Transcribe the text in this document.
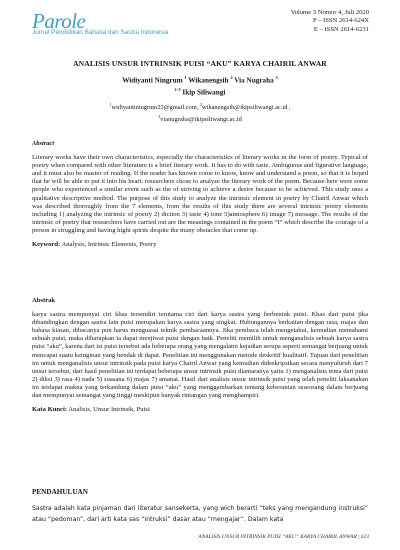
Parole
Jurnal Pendidikan Bahasa dan Sastra Indonesia
Volume 3 Nomor 4, Juli 2020
P – ISSN 2614-624X
E – ISSN 2614-6231
ANALISIS UNSUR INTRINSIK PUISI “AKU” KARYA CHAIRIL ANWAR
Widiyanti Ningrum $^1$ Wikanengsih $^2$ Via Nugraha $^3$
$^{1-3}$ Ikip Siliwangi
$^1$widiyantiningrum23@gmail.com, $^2$wikanengsih@ikipsiliwangi.ac.id ,
$^3$vianugraha@ikipsiliwangi.ac.id

Abstract

Literary works have their own characteristics, especially the characteristics of literary works in the form of poetry. Typical of poetry when compared with other literature is a brief literary work. It has to do with taste. Ambiguous and figurative language, and it must also be master of reading. If the reader has known come to know, know and understand a poem, so that it is hoped that he will be able to put it into his heart. researchers chose to analyze the literary work of the poem. Because here were some people who experienced a similar event such as the of striving to achieve a desire because to be achieved. This study uses a qualitative descriptive method. The purpose of this study to analyze the intrinsic element in poetry by Chairil Anwar which was described thoroughly from the 7 elements, from the results of this study there are several intrinsic poetry elements including 1) analyzing the intrinsic of poetry 2) diction 3) taste 4) tone 5)atmosphere 6) image 7) message. The results of the intrinsic of poetry that researchers have carried out are the meanings contained in the poem “I” which describe the courage of a person in struggling and having hight spirits despite the many obstacles that come up.

Keyword: Analysis, Intrinsic Elements, Poetry

Abstrak

karya sastra mempunyai ciri khas tersendiri terutama ciri dari karya sastra yang berbentuk puisi. Khas dari puisi jika dibandingkan dengan sastra lain puisi merupakan karya sastra yang singkat. Hubungannya berkaitan dengan rasa, majas dan bahasa kiasan, dibacanya pun harus menguasai teknik pembacaannya. Jika pembaca telah mengetahui, kemudian memahami sebuah puisi, maka diharapkan ia dapat menjiwai puisi dengan baik. Peneliti memilih untuk menganalisis sebuah karya sastra puisi “aku”, karena dari isi puisi tersebut ada beberapa orang yang mengalami kejadian serupa seperti semangat berjuang untuk mencapai suatu keinginan yang hendak di dapat. Penelitian ini menggunakan metode deskritif kualitatif. Tujuan dari penelitian ini untuk menganalisis unsur intrinsik pada puisi karya Chairil Anwar yang kemudian dideskripsikan secara menyuluruh dari 7 unsur tersebut, dari hasil penelitian ini terdapat beberapa unsur intrinsik puisi diantaranya yaitu 1) menganalisis tema dari puisi 2) diksi 3) rasa 4) nada 5) suasana 6) majas 7) amanat. Hasil dari analisis unsur intrinsik puisi yang telah peneliti laksanakan ini terdapat makna yang terkandung dalam puisi “aku” yang menggambarkan tentang keberanian seseorang dalam berjuang dan mempunyai semangat yang tinggi meskipun banyak rintangan yang menghampiri.

Kata Kunci: Analisis, Unsur Intrinsik, Puisi

PENDAHULUAN
Sastra adalah kata pinjaman dari literatur sansekerta, yang wich berarti “teks yang mengandung instruksi” atau “pedoman”, dari arti kata sas “intruksi” dasar atau “mengajar”. Dalam kata
ANALISIS UNSUR INTRINSIK PUISI “AKU” KARYA CHAIRIL ANWAR | 623
